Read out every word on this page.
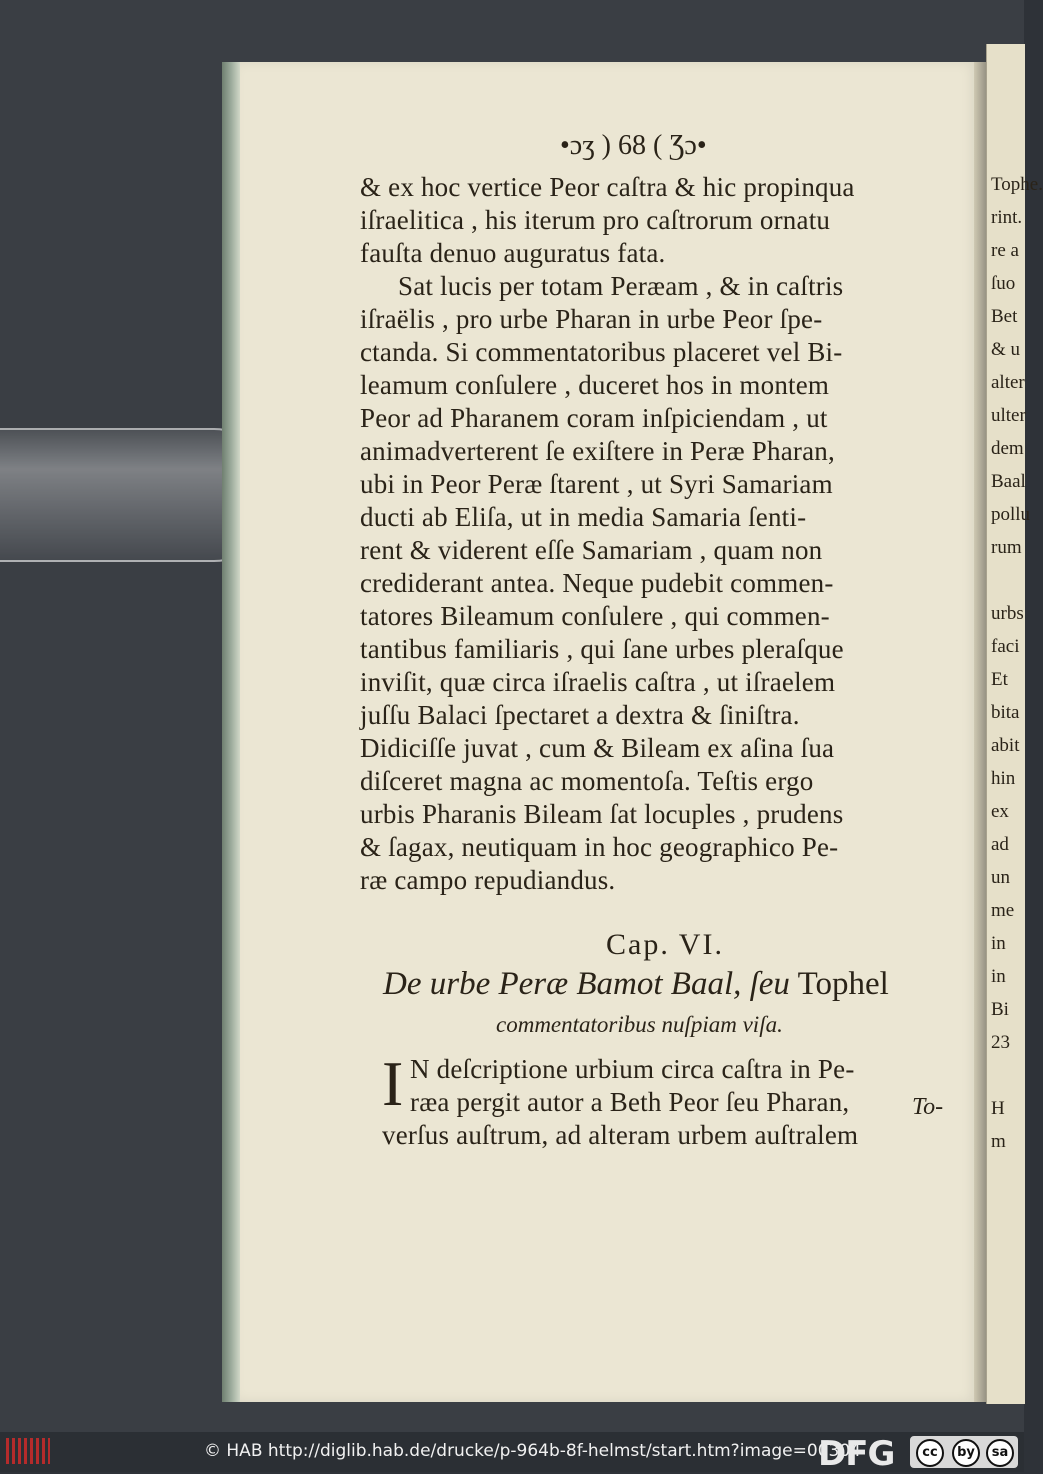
Tophe.
rint.
re a
ſuo
Bet
& u
alter
ulter
dem
Baal
pollu
rum
urbs
faci
Et
bita
abit
hin
ex
ad
un
me
in
in
Bi
23
H
m
•ɔʒ ) 68 ( Ʒɔ•
& ex hoc vertice Peor caſtra & hic propinqua
iſraelitica , his iterum pro caſtrorum ornatu
fauſta denuo auguratus fata.
Sat lucis per totam Peræam , & in caſtris
iſraëlis , pro urbe Pharan in urbe Peor ſpe-
ctanda. Si commentatoribus placeret vel Bi-
leamum conſulere , duceret hos in montem
Peor ad Pharanem coram inſpiciendam , ut
animadverterent ſe exiſtere in Peræ Pharan,
ubi in Peor Peræ ſtarent , ut Syri Samariam
ducti ab Eliſa, ut in media Samaria ſenti-
rent & viderent eſſe Samariam , quam non
crediderant antea. Neque pudebit commen-
tatores Bileamum conſulere , qui commen-
tantibus familiaris , qui ſane urbes pleraſque
inviſit, quæ circa iſraelis caſtra , ut iſraelem
juſſu Balaci ſpectaret a dextra & ſiniſtra.
Didiciſſe juvat , cum & Bileam ex aſina ſua
diſceret magna ac momentoſa. Teſtis ergo
urbis Pharanis Bileam ſat locuples , prudens
& ſagax, neutiquam in hoc geographico Pe-
ræ campo repudiandus.
Cap. VI.
De urbe Peræ Bamot Baal, ſeu Tophel
commentatoribus nuſpiam viſa.
I N deſcriptione urbium circa caſtra in Pe-
ræa pergit autor a Beth Peor ſeu Pharan,
verſus auſtrum, ad alteram urbem auſtralem
To-
© HAB http://diglib.hab.de/drucke/p-964b-8f-helmst/start.htm?image=00304
DFG	cc	by	sa
